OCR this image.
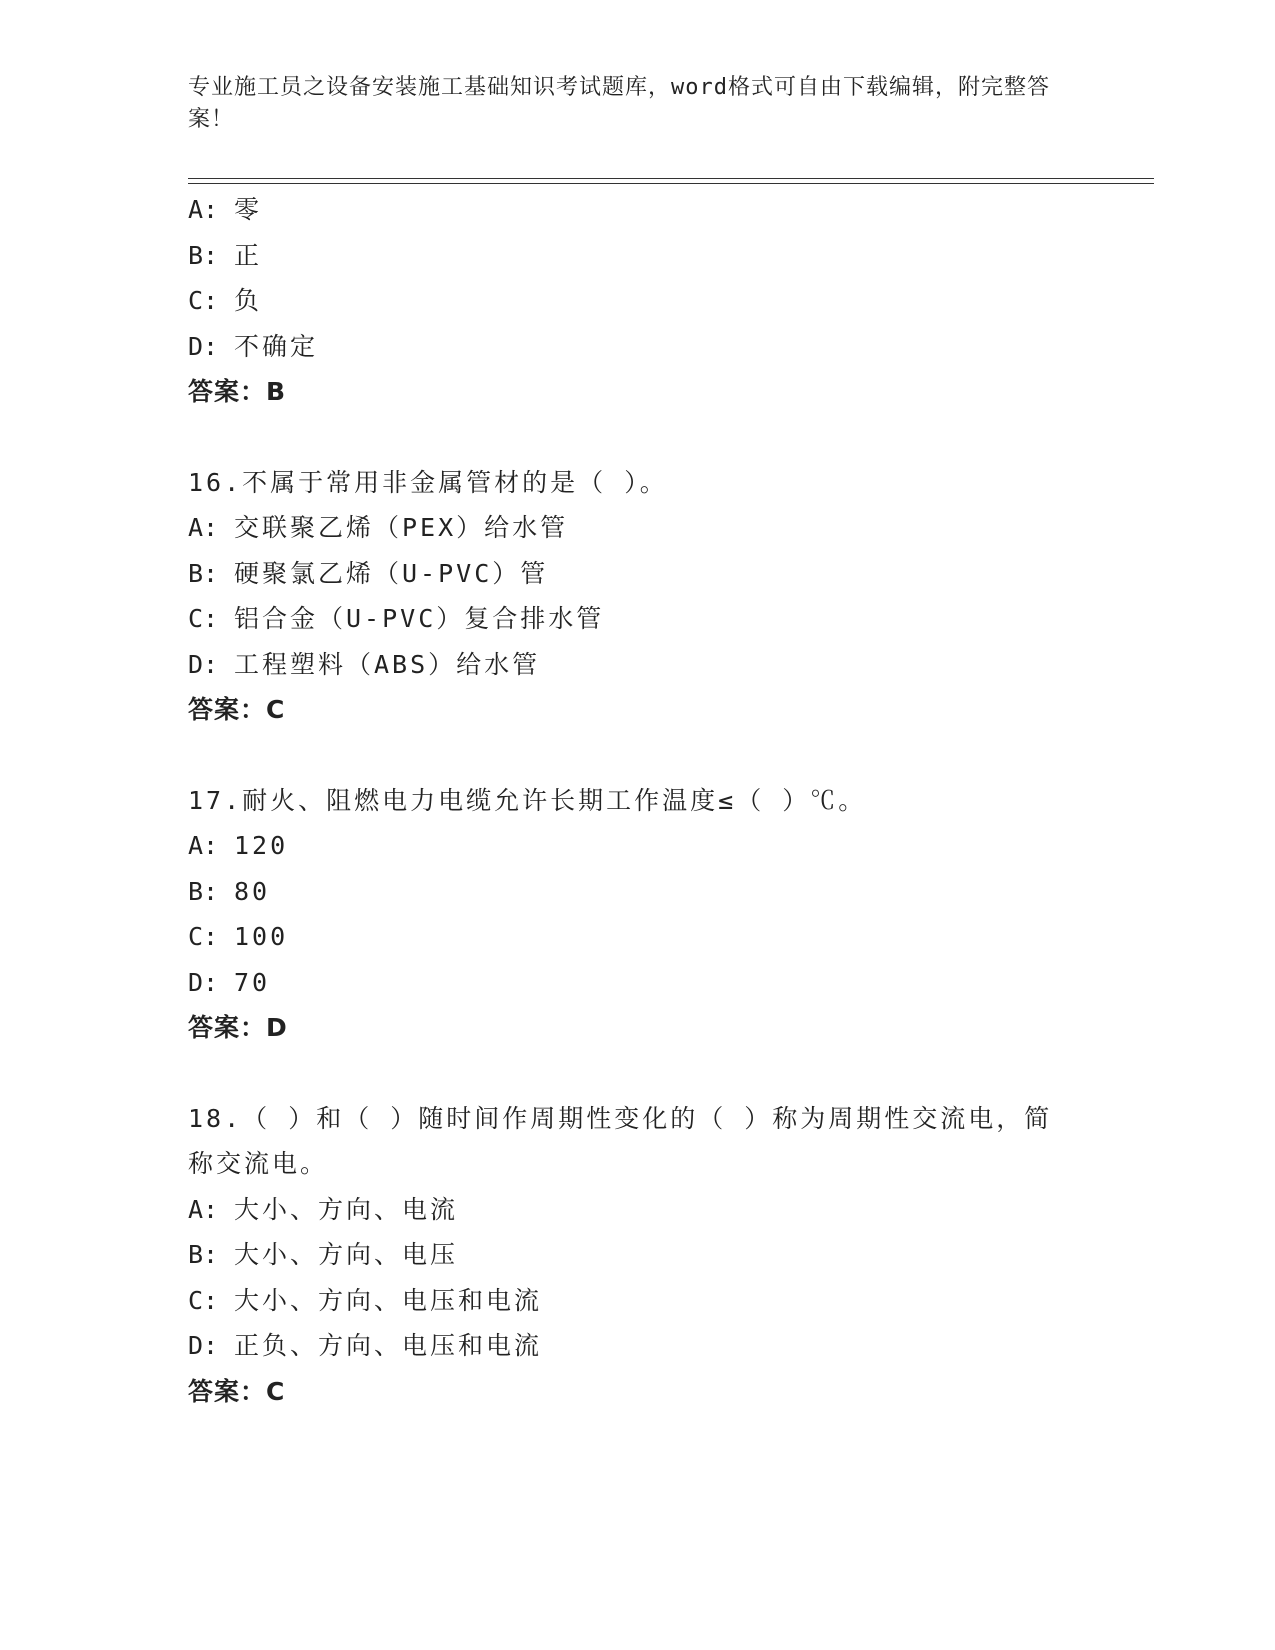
专业施工员之设备安装施工基础知识考试题库，word格式可自由下载编辑，附完整答案！
A: 零
B: 正
C: 负
D: 不确定
答案：B
16.不属于常用非金属管材的是（ ）。
A: 交联聚乙烯（PEX）给水管
B: 硬聚氯乙烯（U-PVC）管
C: 铝合金（U-PVC）复合排水管
D: 工程塑料（ABS）给水管
答案：C
17.耐火、阻燃电力电缆允许长期工作温度≤（ ）℃。
A: 120
B: 80
C: 100
D: 70
答案：D
18.（ ）和（ ）随时间作周期性变化的（ ）称为周期性交流电，简称交流电。
A: 大小、方向、电流
B: 大小、方向、电压
C: 大小、方向、电压和电流
D: 正负、方向、电压和电流
答案：C
